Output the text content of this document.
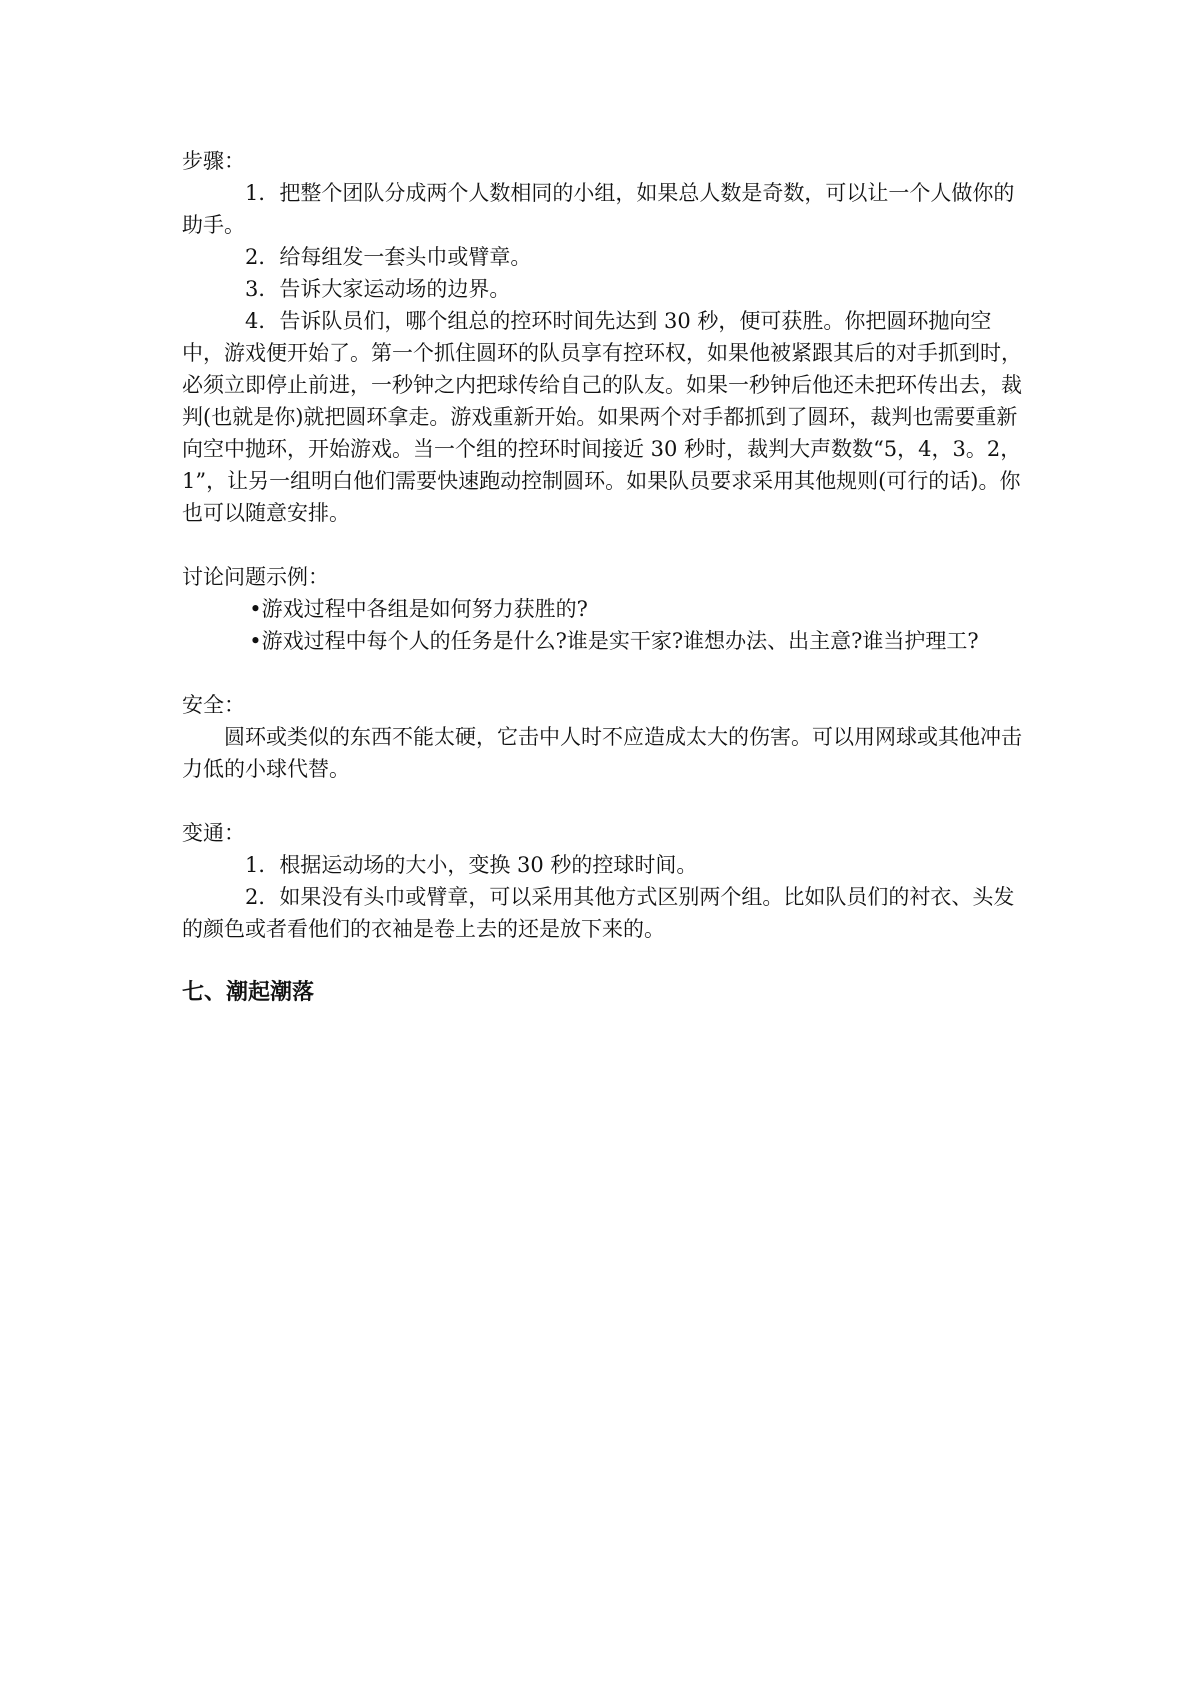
步骤：

1．把整个团队分成两个人数相同的小组，如果总人数是奇数，可以让一个人做你的助手。

2．给每组发一套头巾或臂章。

3．告诉大家运动场的边界。

4．告诉队员们，哪个组总的控环时间先达到 30 秒，便可获胜。你把圆环抛向空中，游戏便开始了。第一个抓住圆环的队员享有控环权，如果他被紧跟其后的对手抓到时，必须立即停止前进，一秒钟之内把球传给自己的队友。如果一秒钟后他还未把环传出去，裁判(也就是你)就把圆环拿走。游戏重新开始。如果两个对手都抓到了圆环，裁判也需要重新向空中抛环，开始游戏。当一个组的控环时间接近 30 秒时，裁判大声数数“5，4，3。2， 1”，让另一组明白他们需要快速跑动控制圆环。如果队员要求采用其他规则(可行的话)。你也可以随意安排。

讨论问题示例：

•游戏过程中各组是如何努力获胜的?

•游戏过程中每个人的任务是什么?谁是实干家?谁想办法、出主意?谁当护理工?

安全：

圆环或类似的东西不能太硬，它击中人时不应造成太大的伤害。可以用网球或其他冲击力低的小球代替。

变通：

1．根据运动场的大小，变换 30 秒的控球时间。

2．如果没有头巾或臂章，可以采用其他方式区别两个组。比如队员们的衬衣、头发的颜色或者看他们的衣袖是卷上去的还是放下来的。

七、潮起潮落
